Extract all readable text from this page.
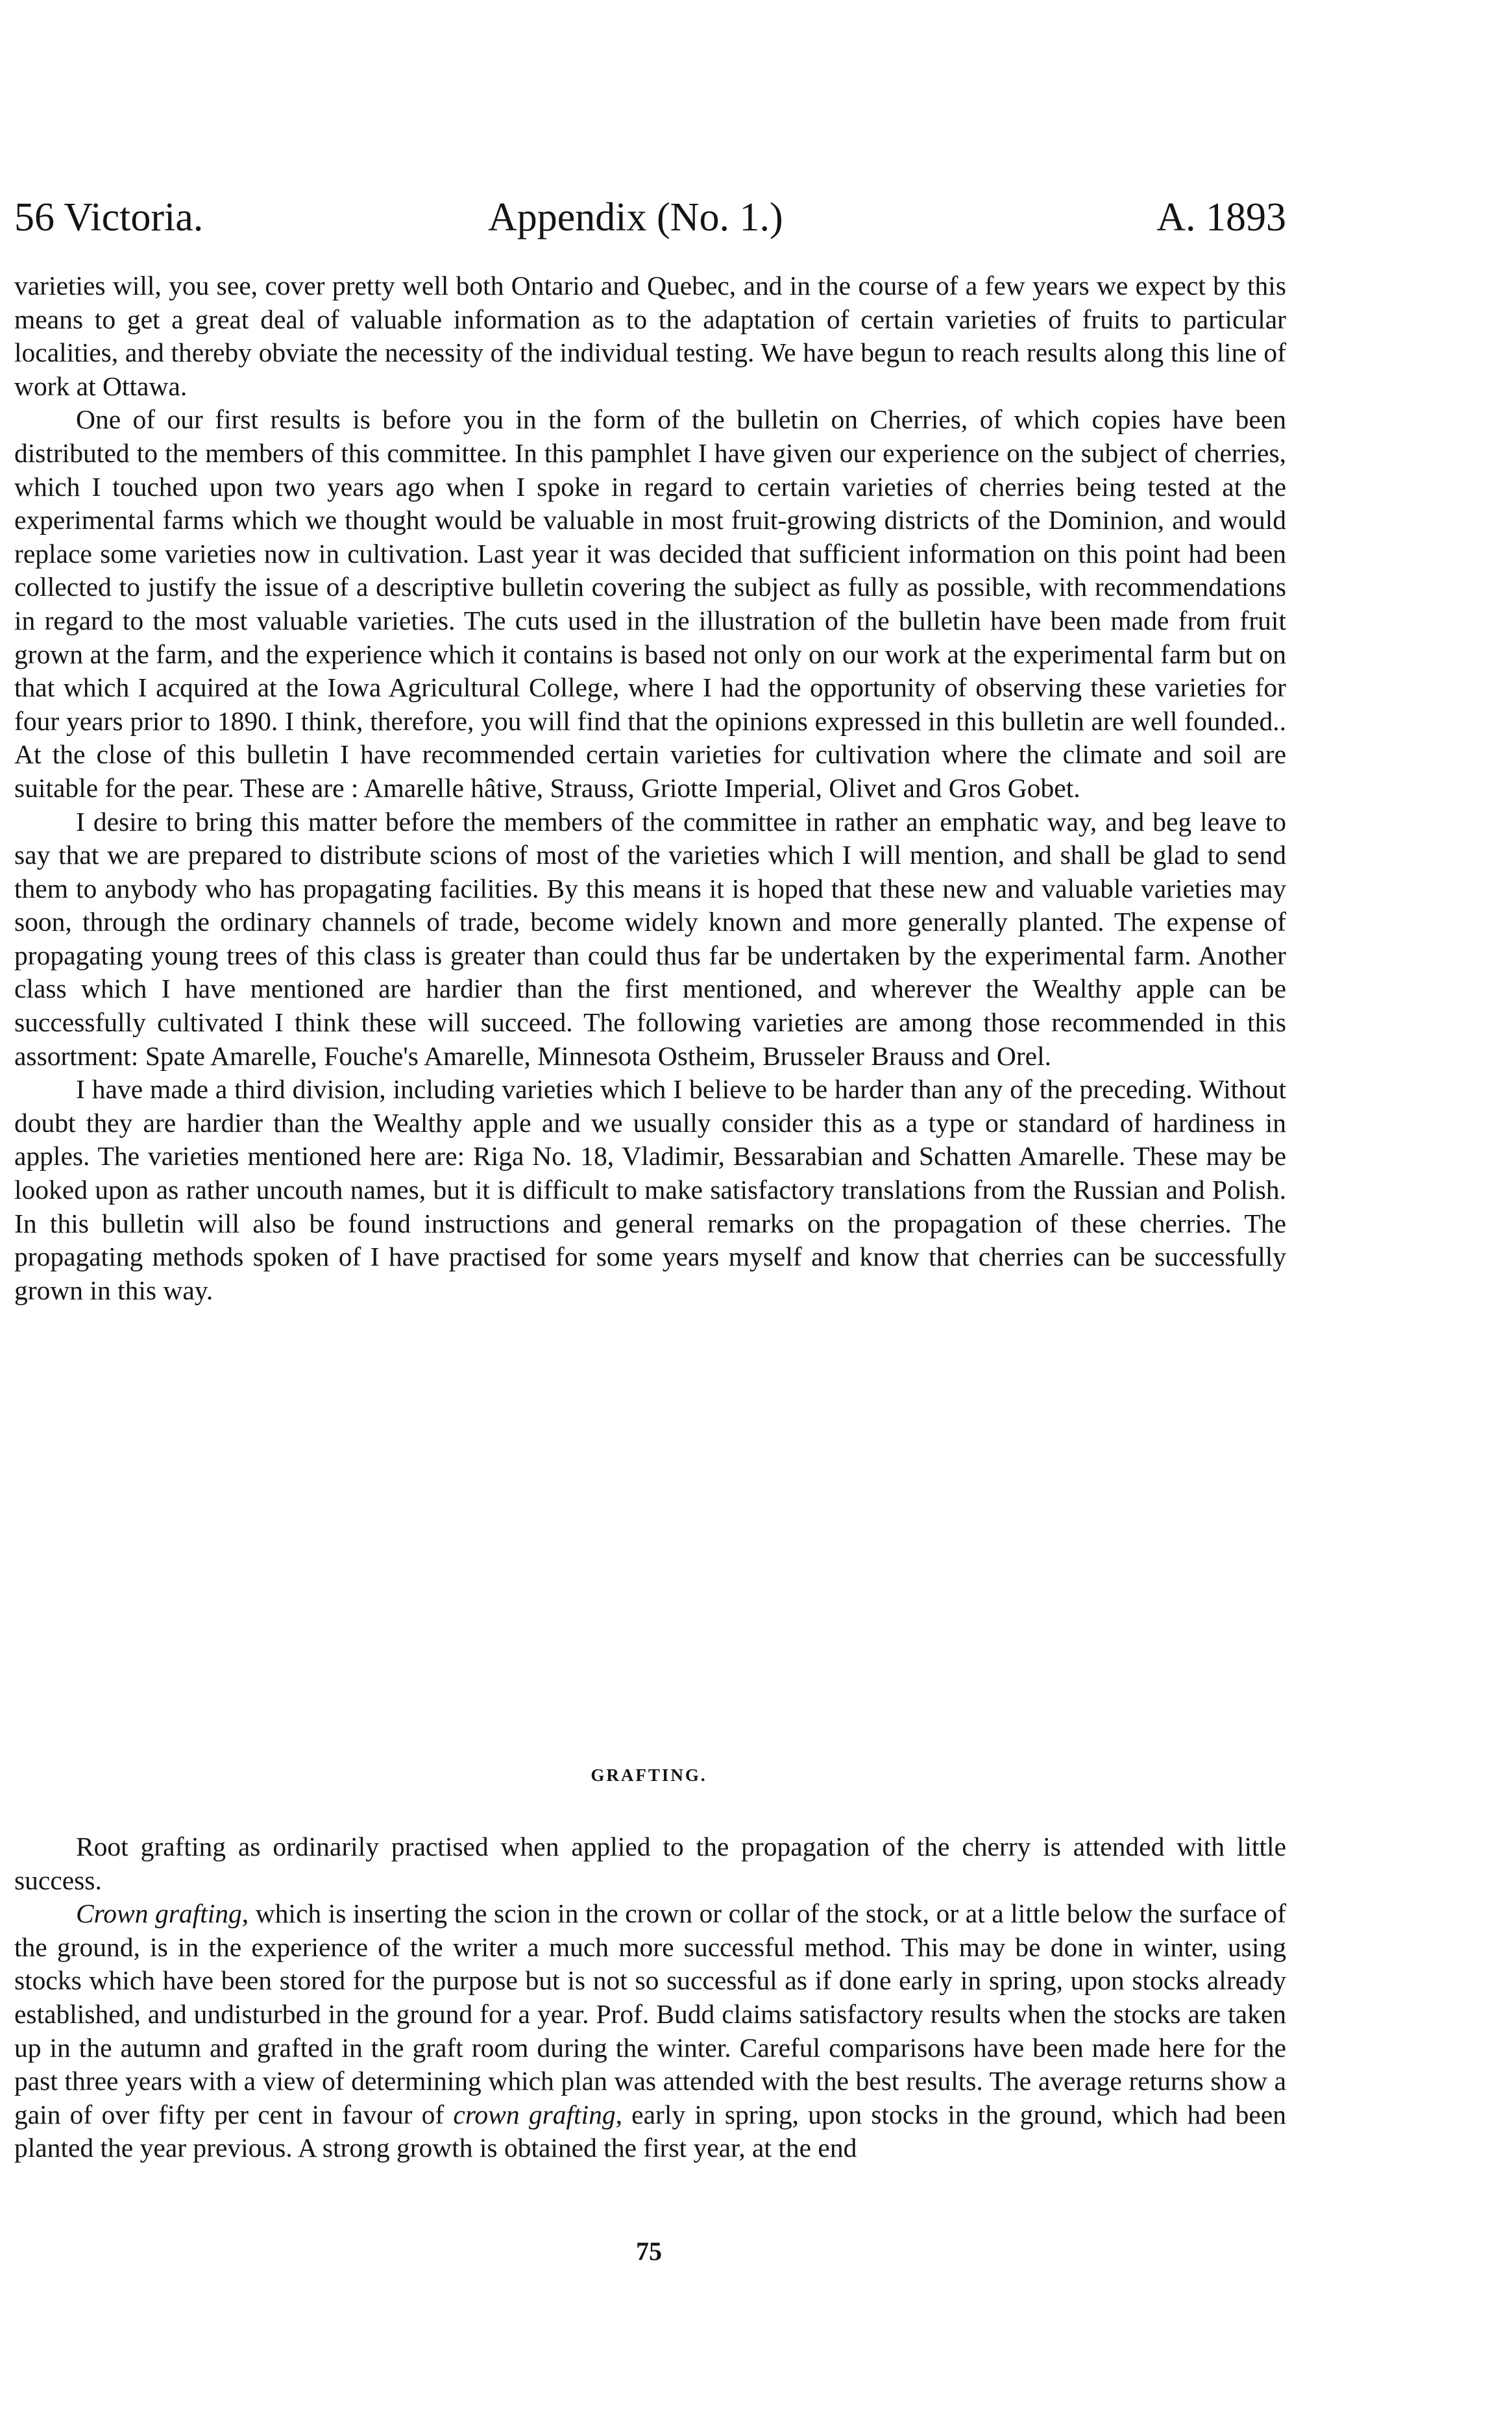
56 Victoria.	Appendix (No. 1.)	A. 1893

varieties will, you see, cover pretty well both Ontario and Quebec, and in the course of a few years we expect by this means to get a great deal of valuable information as to the adaptation of certain varieties of fruits to particular localities, and thereby obviate the necessity of the individual testing. We have begun to reach results along this line of work at Ottawa.

One of our first results is before you in the form of the bulletin on Cherries, of which copies have been distributed to the members of this committee. In this pamphlet I have given our experience on the subject of cherries, which I touched upon two years ago when I spoke in regard to certain varieties of cherries being tested at the experimental farms which we thought would be valuable in most fruit-growing districts of the Dominion, and would replace some varieties now in cultivation. Last year it was decided that sufficient information on this point had been collected to justify the issue of a descriptive bulletin covering the subject as fully as possible, with recommendations in regard to the most valuable varieties. The cuts used in the illustration of the bulletin have been made from fruit grown at the farm, and the experience which it contains is based not only on our work at the experimental farm but on that which I acquired at the Iowa Agricultural College, where I had the opportunity of observing these varieties for four years prior to 1890. I think, therefore, you will find that the opinions expressed in this bulletin are well founded.. At the close of this bulletin I have recommended certain varieties for cultivation where the climate and soil are suitable for the pear. These are : Amarelle hâtive, Strauss, Griotte Imperial, Olivet and Gros Gobet.

I desire to bring this matter before the members of the committee in rather an emphatic way, and beg leave to say that we are prepared to distribute scions of most of the varieties which I will mention, and shall be glad to send them to anybody who has propagating facilities. By this means it is hoped that these new and valuable varieties may soon, through the ordinary channels of trade, become widely known and more generally planted. The expense of propagating young trees of this class is greater than could thus far be undertaken by the experimental farm. Another class which I have mentioned are hardier than the first mentioned, and wherever the Wealthy apple can be successfully cultivated I think these will succeed. The following varieties are among those recommended in this assortment: Spate Amarelle, Fouche's Amarelle, Minnesota Ostheim, Brusseler Brauss and Orel.

I have made a third division, including varieties which I believe to be harder than any of the preceding. Without doubt they are hardier than the Wealthy apple and we usually consider this as a type or standard of hardiness in apples. The varieties mentioned here are: Riga No. 18, Vladimir, Bessarabian and Schatten Amarelle. These may be looked upon as rather uncouth names, but it is difficult to make satisfactory translations from the Russian and Polish. In this bulletin will also be found instructions and general remarks on the propagation of these cherries. The propagating methods spoken of I have practised for some years myself and know that cherries can be successfully grown in this way.

GRAFTING.

Root grafting as ordinarily practised when applied to the propagation of the cherry is attended with little success.

Crown grafting, which is inserting the scion in the crown or collar of the stock, or at a little below the surface of the ground, is in the experience of the writer a much more successful method. This may be done in winter, using stocks which have been stored for the purpose but is not so successful as if done early in spring, upon stocks already established, and undisturbed in the ground for a year. Prof. Budd claims satisfactory results when the stocks are taken up in the autumn and grafted in the graft room during the winter. Careful comparisons have been made here for the past three years with a view of determining which plan was attended with the best results. The average returns show a gain of over fifty per cent in favour of crown grafting, early in spring, upon stocks in the ground, which had been planted the year previous. A strong growth is obtained the first year, at the end

75
